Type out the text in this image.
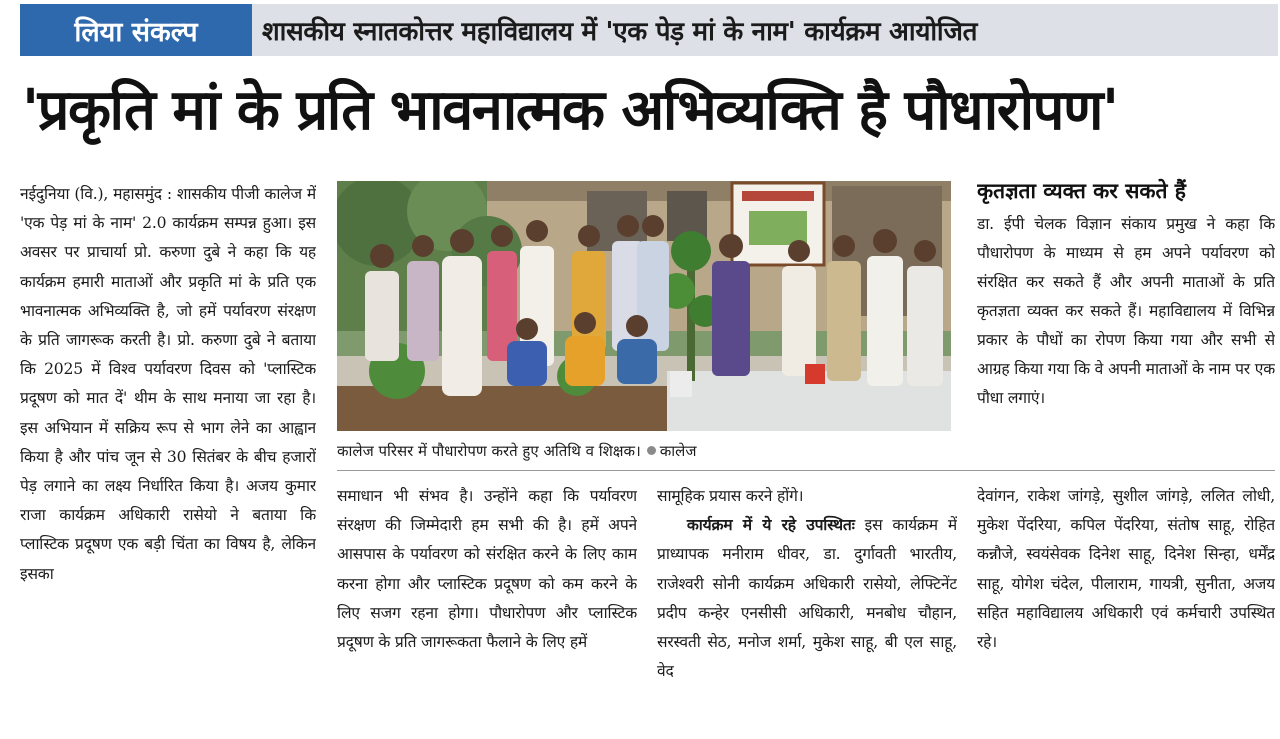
लिया संकल्प	शासकीय स्नातकोत्तर महाविद्यालय में 'एक पेड़ मां के नाम' कार्यक्रम आयोजित
'प्रकृति मां के प्रति भावनात्मक अभिव्यक्ति है पौधारोपण'
नईदुनिया (वि.), महासमुंद : शासकीय पीजी कालेज में 'एक पेड़ मां के नाम' 2.0 कार्यक्रम सम्पन्न हुआ। इस अवसर पर प्राचार्या प्रो. करुणा दुबे ने कहा कि यह कार्यक्रम हमारी माताओं और प्रकृति मां के प्रति एक भावनात्मक अभिव्यक्ति है, जो हमें पर्यावरण संरक्षण के प्रति जागरूक करती है। प्रो. करुणा दुबे ने बताया कि 2025 में विश्व पर्यावरण दिवस को 'प्लास्टिक प्रदूषण को मात दें' थीम के साथ मनाया जा रहा है। इस अभियान में सक्रिय रूप से भाग लेने का आह्वान किया है और पांच जून से 30 सितंबर के बीच हजारों पेड़ लगाने का लक्ष्य निर्धारित किया है। अजय कुमार राजा कार्यक्रम अधिकारी रासेयो ने बताया कि प्लास्टिक प्रदूषण एक बड़ी चिंता का विषय है, लेकिन इसका
कालेज परिसर में पौधारोपण करते हुए अतिथि व शिक्षक। कालेज
कृतज्ञता व्यक्त कर सकते हैं
डा. ईपी चेलक विज्ञान संकाय प्रमुख ने कहा कि पौधारोपण के माध्यम से हम अपने पर्यावरण को संरक्षित कर सकते हैं और अपनी माताओं के प्रति कृतज्ञता व्यक्त कर सकते हैं। महाविद्यालय में विभिन्न प्रकार के पौधों का रोपण किया गया और सभी से आग्रह किया गया कि वे अपनी माताओं के नाम पर एक पौधा लगाएं।
समाधान भी संभव है। उन्होंने कहा कि पर्यावरण संरक्षण की जिम्मेदारी हम सभी की है। हमें अपने आसपास के पर्यावरण को संरक्षित करने के लिए काम करना होगा और प्लास्टिक प्रदूषण को कम करने के लिए सजग रहना होगा। पौधारोपण और प्लास्टिक प्रदूषण के प्रति जागरूकता फैलाने के लिए हमें
सामूहिक प्रयास करने होंगे।
कार्यक्रम में ये रहे उपस्थितः इस कार्यक्रम में प्राध्यापक मनीराम धीवर, डा. दुर्गावती भारतीय, राजेश्वरी सोनी कार्यक्रम अधिकारी रासेयो, लेफ्टिनेंट प्रदीप कन्हेर एनसीसी अधिकारी, मनबोध चौहान, सरस्वती सेठ, मनोज शर्मा, मुकेश साहू, बी एल साहू, वेद
देवांगन, राकेश जांगड़े, सुशील जांगड़े, ललित लोधी, मुकेश पेंदरिया, कपिल पेंदरिया, संतोष साहू, रोहित कन्नौजे, स्वयंसेवक दिनेश साहू, दिनेश सिन्हा, धर्मेंद्र साहू, योगेश चंदेल, पीलाराम, गायत्री, सुनीता, अजय सहित महाविद्यालय अधिकारी एवं कर्मचारी उपस्थित रहे।
